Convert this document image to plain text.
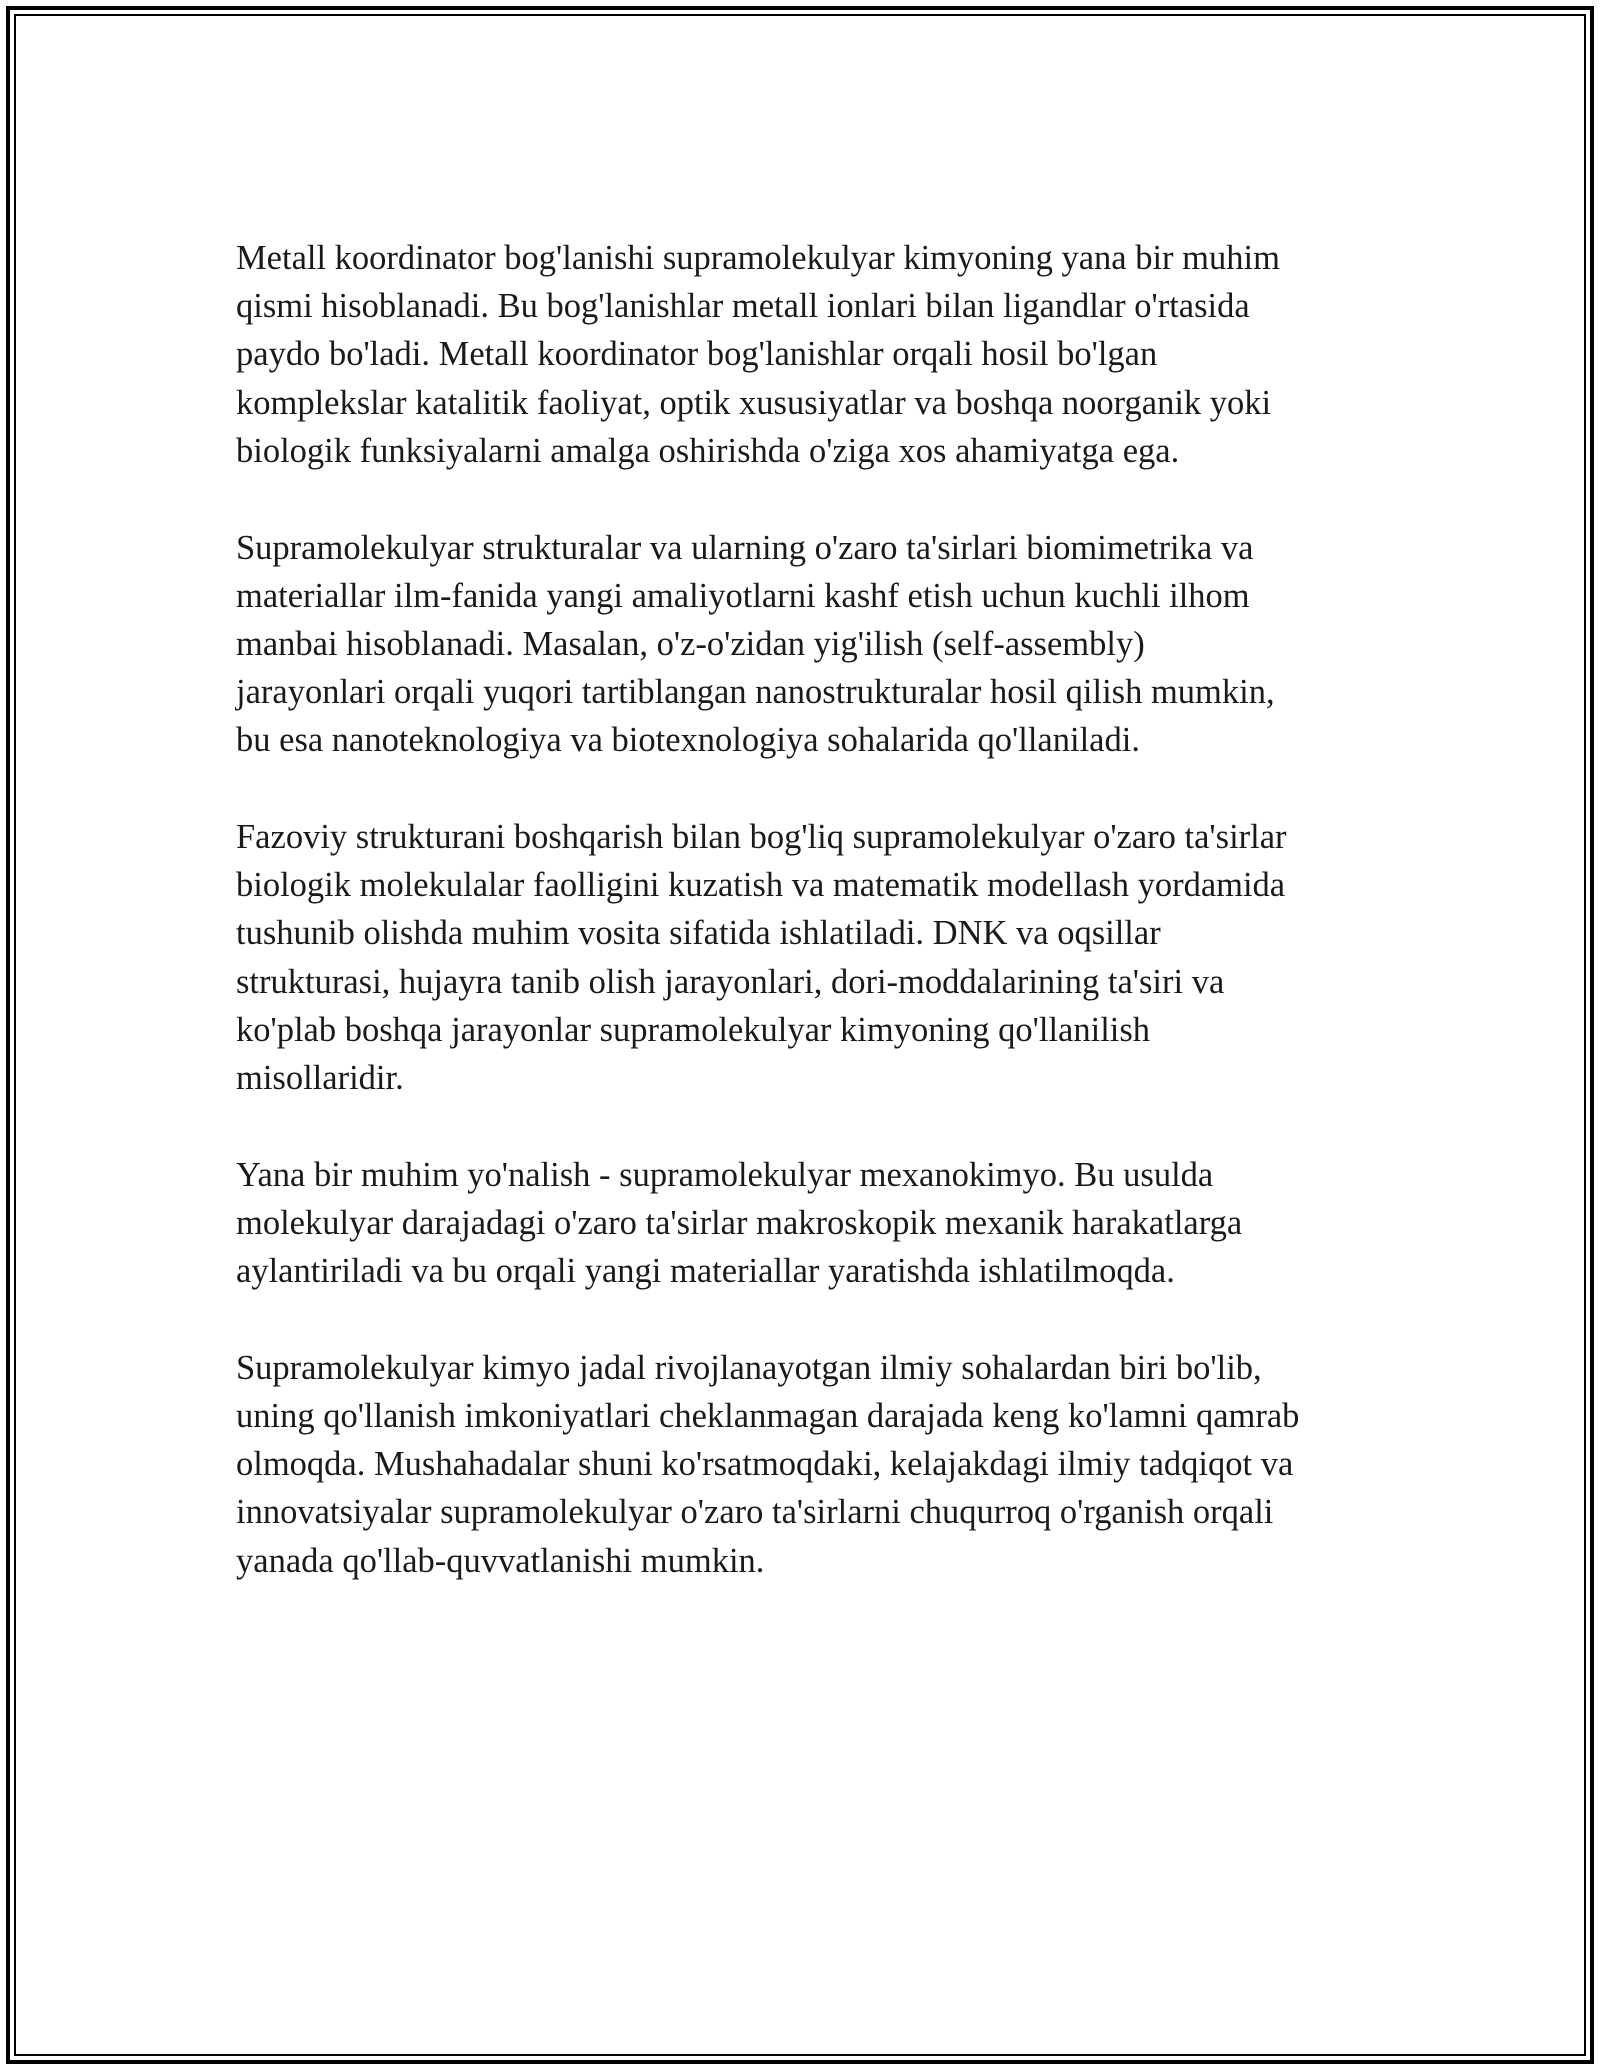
Metall koordinator bog'lanishi supramolekulyar kimyoning yana bir muhim
qismi hisoblanadi. Bu bog'lanishlar metall ionlari bilan ligandlar o'rtasida
paydo bo'ladi. Metall koordinator bog'lanishlar orqali hosil bo'lgan
komplekslar katalitik faoliyat, optik xususiyatlar va boshqa noorganik yoki
biologik funksiyalarni amalga oshirishda o'ziga xos ahamiyatga ega.

Supramolekulyar strukturalar va ularning o'zaro ta'sirlari biomimetrika va
materiallar ilm-fanida yangi amaliyotlarni kashf etish uchun kuchli ilhom
manbai hisoblanadi. Masalan, o'z-o'zidan yig'ilish (self-assembly)
jarayonlari orqali yuqori tartiblangan nanostrukturalar hosil qilish mumkin,
bu esa nanoteknologiya va biotexnologiya sohalarida qo'llaniladi.

Fazoviy strukturani boshqarish bilan bog'liq supramolekulyar o'zaro ta'sirlar
biologik molekulalar faolligini kuzatish va matematik modellash yordamida
tushunib olishda muhim vosita sifatida ishlatiladi. DNK va oqsillar
strukturasi, hujayra tanib olish jarayonlari, dori-moddalarining ta'siri va
ko'plab boshqa jarayonlar supramolekulyar kimyoning qo'llanilish
misollaridir.

Yana bir muhim yo'nalish - supramolekulyar mexanokimyo. Bu usulda
molekulyar darajadagi o'zaro ta'sirlar makroskopik mexanik harakatlarga
aylantiriladi va bu orqali yangi materiallar yaratishda ishlatilmoqda.

Supramolekulyar kimyo jadal rivojlanayotgan ilmiy sohalardan biri bo'lib,
uning qo'llanish imkoniyatlari cheklanmagan darajada keng ko'lamni qamrab
olmoqda. Mushahadalar shuni ko'rsatmoqdaki, kelajakdagi ilmiy tadqiqot va
innovatsiyalar supramolekulyar o'zaro ta'sirlarni chuqurroq o'rganish orqali
yanada qo'llab-quvvatlanishi mumkin.
